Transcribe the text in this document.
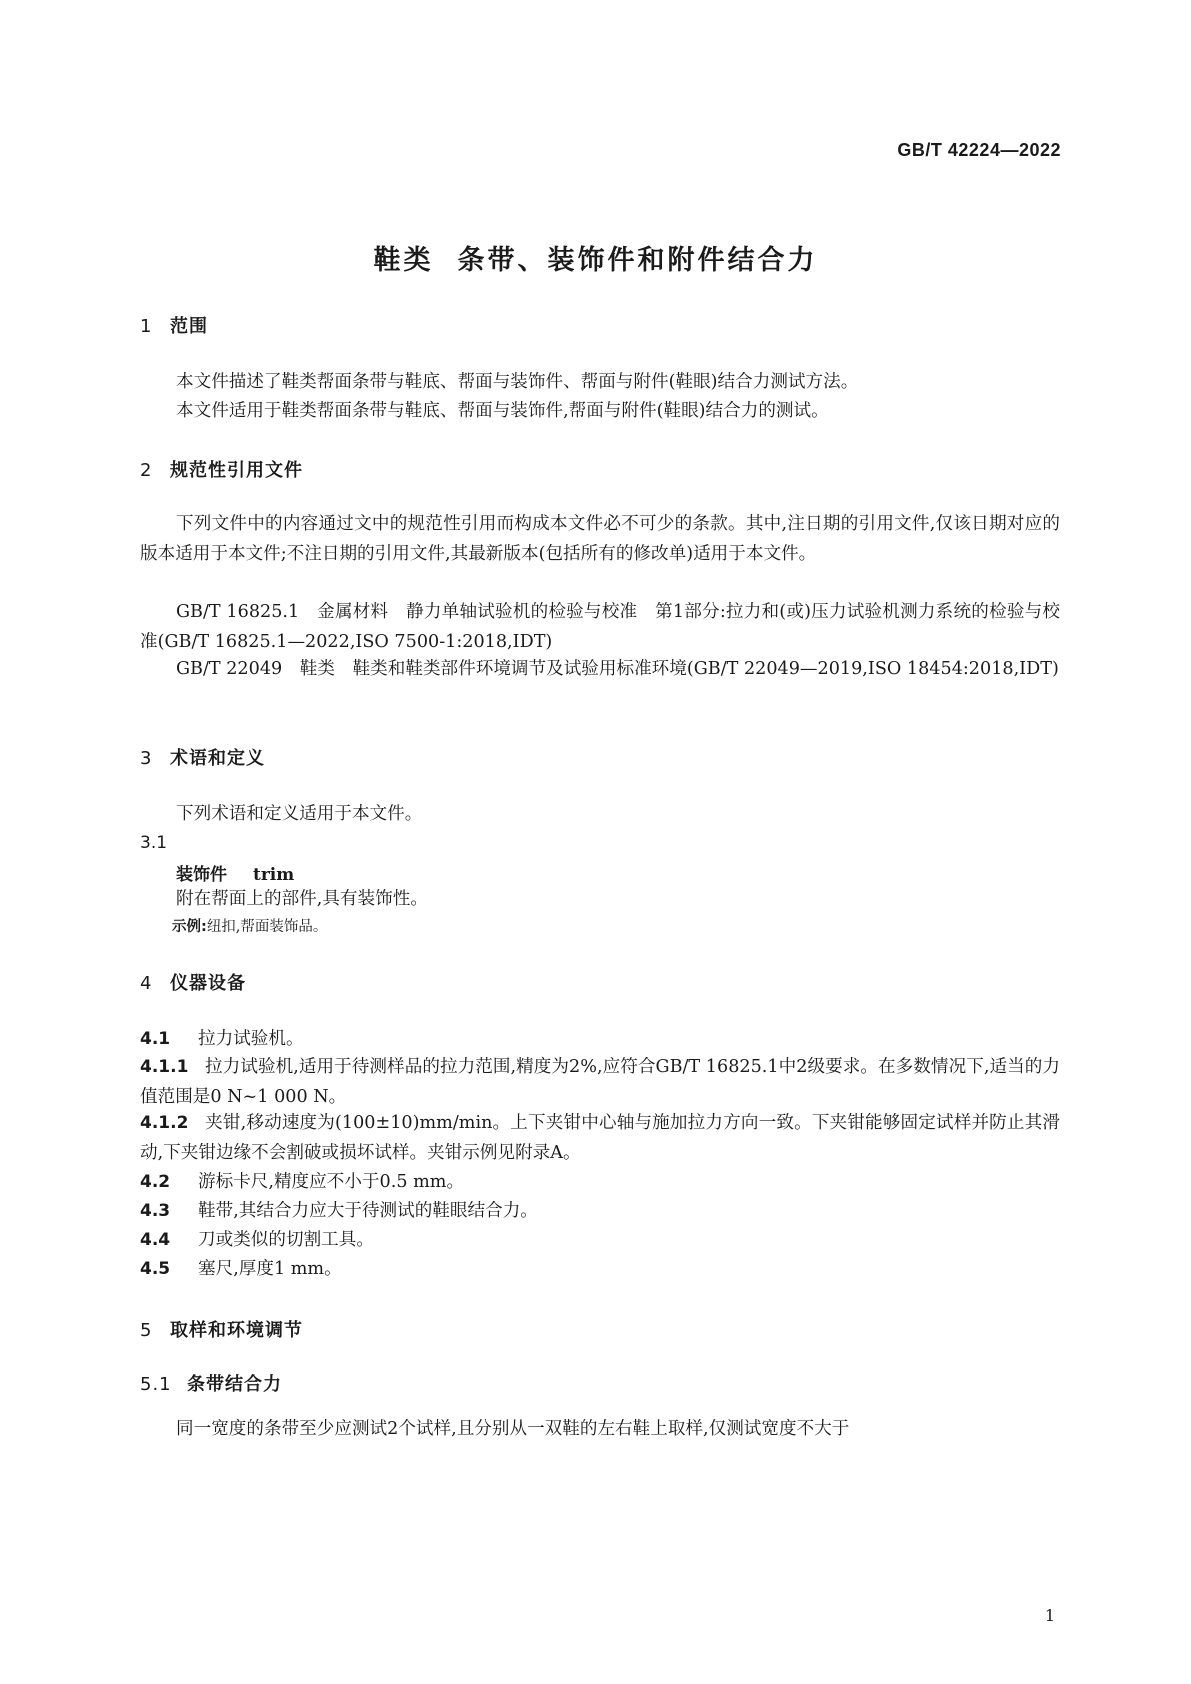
GB/T 42224—2022

鞋类 条带、装饰件和附件结合力
1 范围

本文件描述了鞋类帮面条带与鞋底、帮面与装饰件、帮面与附件(鞋眼)结合力测试方法。

本文件适用于鞋类帮面条带与鞋底、帮面与装饰件,帮面与附件(鞋眼)结合力的测试。

2 规范性引用文件

下列文件中的内容通过文中的规范性引用而构成本文件必不可少的条款。其中,注日期的引用文件,仅该日期对应的版本适用于本文件;不注日期的引用文件,其最新版本(包括所有的修改单)适用于本文件。

GB/T 16825.1　金属材料　静力单轴试验机的检验与校准　第1部分:拉力和(或)压力试验机测力系统的检验与校准(GB/T 16825.1—2022,ISO 7500-1:2018,IDT)

GB/T 22049　鞋类　鞋类和鞋类部件环境调节及试验用标准环境(GB/T 22049—2019,ISO 18454:2018,IDT)

3 术语和定义

下列术语和定义适用于本文件。

3.1

装饰件 trim

附在帮面上的部件,具有装饰性。

示例:纽扣,帮面装饰品。

4 仪器设备

4.1 拉力试验机。

4.1.1 拉力试验机,适用于待测样品的拉力范围,精度为2%,应符合GB/T 16825.1中2级要求。在多数情况下,适当的力值范围是0 N~1 000 N。

4.1.2 夹钳,移动速度为(100±10)mm/min。上下夹钳中心轴与施加拉力方向一致。下夹钳能够固定试样并防止其滑动,下夹钳边缘不会割破或损坏试样。夹钳示例见附录A。

4.2 游标卡尺,精度应不小于0.5 mm。

4.3 鞋带,其结合力应大于待测试的鞋眼结合力。

4.4 刀或类似的切割工具。

4.5 塞尺,厚度1 mm。

5 取样和环境调节
5.1 条带结合力

同一宽度的条带至少应测试2个试样,且分别从一双鞋的左右鞋上取样,仅测试宽度不大于

1
